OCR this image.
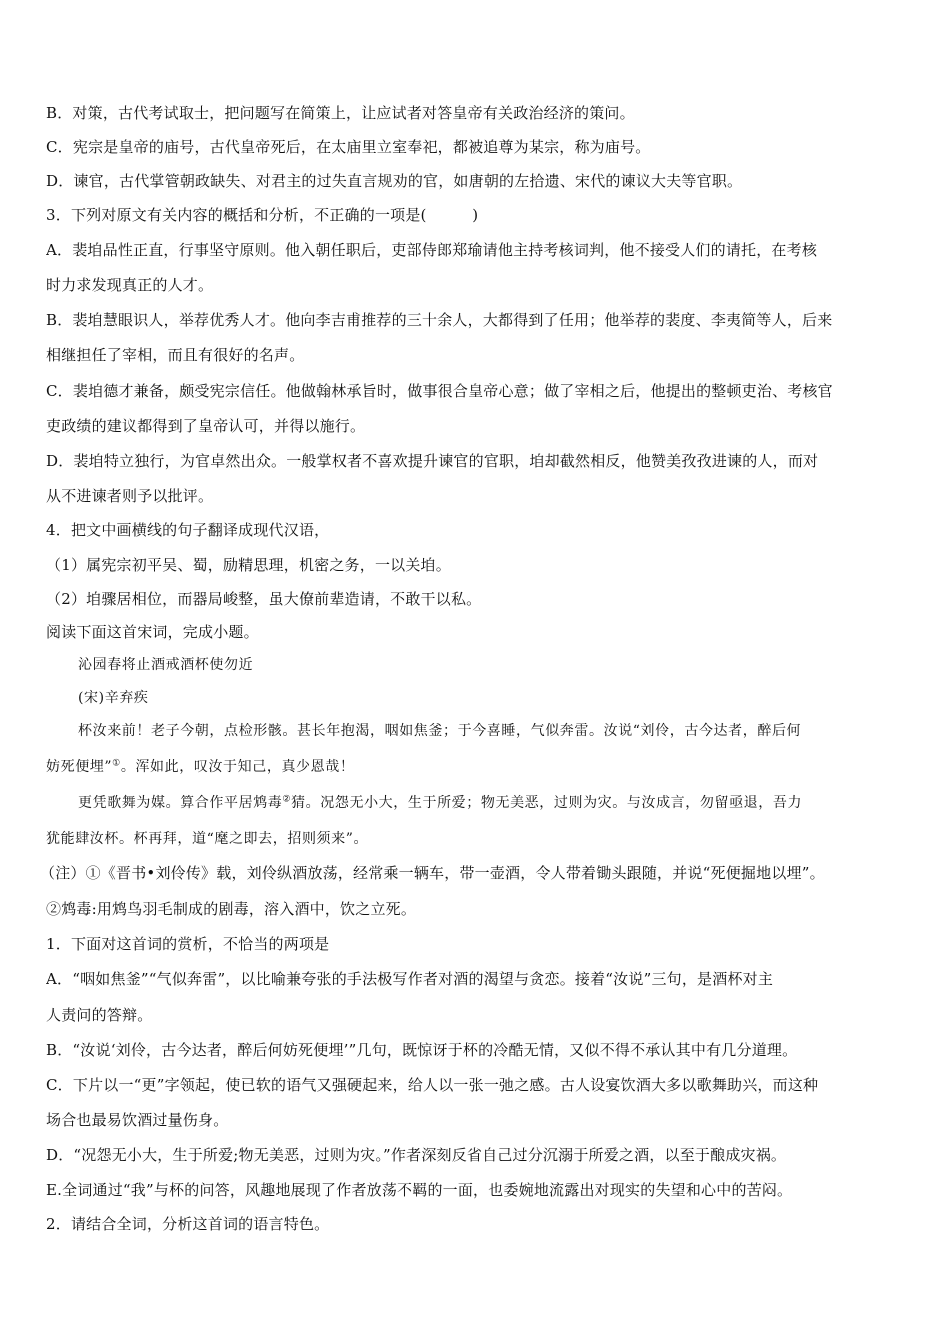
B．对策，古代考试取士，把问题写在简策上，让应试者对答皇帝有关政治经济的策问。
C．宪宗是皇帝的庙号，古代皇帝死后，在太庙里立室奉祀，都被追尊为某宗，称为庙号。
D．谏官，古代掌管朝政缺失、对君主的过失直言规劝的官，如唐朝的左拾遗、宋代的谏议大夫等官职。
3．下列对原文有关内容的概括和分析，不正确的一项是(　　　)
A．裴垍品性正直，行事坚守原则。他入朝任职后，吏部侍郎郑瑜请他主持考核词判，他不接受人们的请托，在考核
时力求发现真正的人才。
B．裴垍慧眼识人，举荐优秀人才。他向李吉甫推荐的三十余人，大都得到了任用；他举荐的裴度、李夷简等人，后来
相继担任了宰相，而且有很好的名声。
C．裴垍德才兼备，颇受宪宗信任。他做翰林承旨时，做事很合皇帝心意；做了宰相之后，他提出的整顿吏治、考核官
吏政绩的建议都得到了皇帝认可，并得以施行。
D．裴垍特立独行，为官卓然出众。一般掌权者不喜欢提升谏官的官职，垍却截然相反，他赞美孜孜进谏的人，而对
从不进谏者则予以批评。
4．把文中画横线的句子翻译成现代汉语，
（1）属宪宗初平吴、蜀，励精思理，机密之务，一以关垍。
（2）垍骤居相位，而器局峻整，虽大僚前辈造请，不敢干以私。
阅读下面这首宋词，完成小题。
沁园春将止酒戒酒杯使勿近
(宋)辛弃疾
杯汝来前！老子今朝，点检形骸。甚长年抱渴，咽如焦釜；于今喜睡，气似奔雷。汝说“刘伶，古今达者，醉后何
妨死便埋”①。浑如此，叹汝于知己，真少恩哉！
更凭歌舞为媒。算合作平居鸩毒②猜。况怨无小大，生于所爱；物无美恶，过则为灾。与汝成言，勿留亟退，吾力
犹能肆汝杯。杯再拜，道“麾之即去，招则须来”。
（注）①《晋书•刘伶传》载，刘伶纵酒放荡，经常乘一辆车，带一壶酒，令人带着锄头跟随，并说“死便掘地以埋”。
②鸩毒:用鸩鸟羽毛制成的剧毒，溶入酒中，饮之立死。
1．下面对这首词的赏析，不恰当的两项是
A．“咽如焦釜”“气似奔雷”，以比喻兼夸张的手法极写作者对酒的渴望与贪恋。接着“汝说”三句，是酒杯对主
人责问的答辩。
B．“汝说‘刘伶，古今达者，醉后何妨死便埋’”几句，既惊讶于杯的冷酷无情，又似不得不承认其中有几分道理。
C．下片以一“更”字领起，使已软的语气又强硬起来，给人以一张一弛之感。古人设宴饮酒大多以歌舞助兴，而这种
场合也最易饮酒过量伤身。
D．“况怨无小大，生于所爱;物无美恶，过则为灾。”作者深刻反省自己过分沉溺于所爱之酒，以至于酿成灾祸。
E.全词通过“我”与杯的问答，风趣地展现了作者放荡不羁的一面，也委婉地流露出对现实的失望和心中的苦闷。
2．请结合全词，分析这首词的语言特色。
